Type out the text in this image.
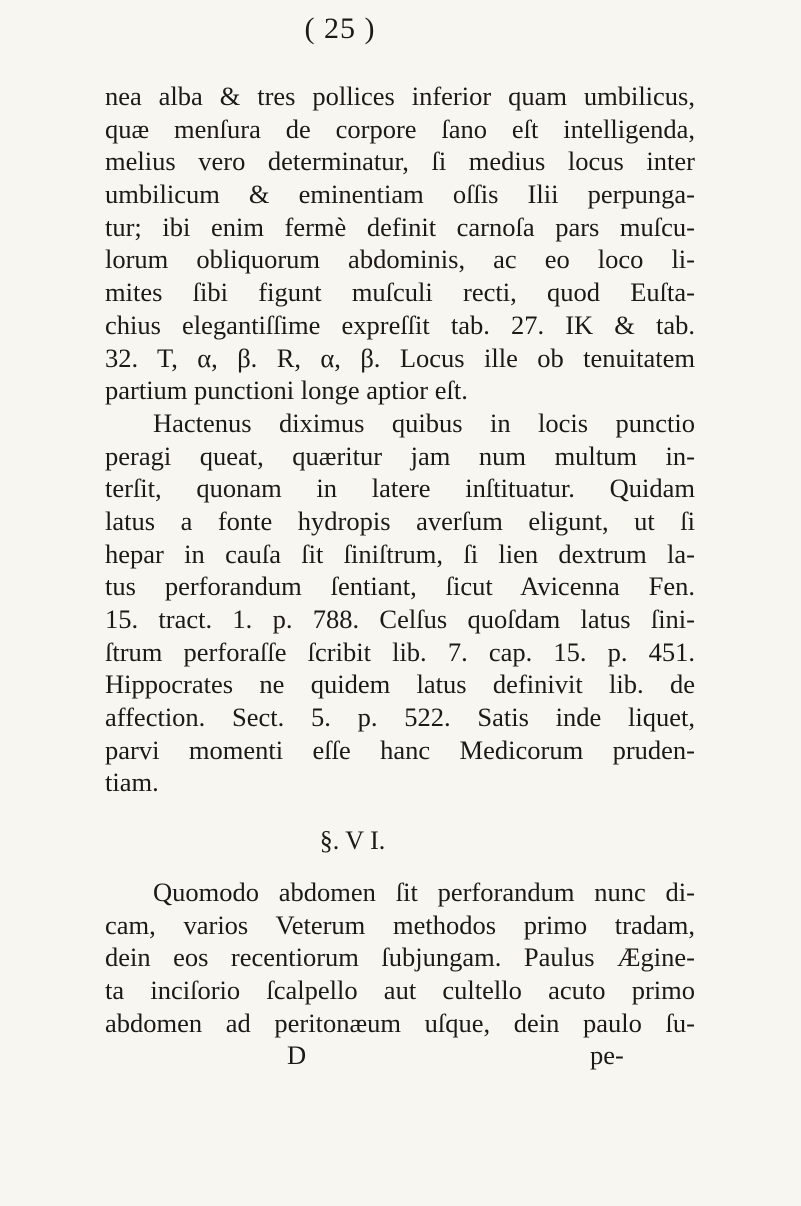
( 25 )
nea alba & tres pollices inferior quam umbilicus,
quæ menſura de corpore ſano eſt intelligenda,
melius vero determinatur, ſi medius locus inter
umbilicum & eminentiam oſſis Ilii perpunga-
tur; ibi enim fermè definit carnoſa pars muſcu-
lorum obliquorum abdominis, ac eo loco li-
mites ſibi figunt muſculi recti, quod Euſta-
chius elegantiſſime expreſſit tab. 27. IK & tab.
32. T, α, β. R, α, β. Locus ille ob tenuitatem
partium punctioni longe aptior eſt.
Hactenus diximus quibus in locis punctio
peragi queat, quæritur jam num multum in-
terſit, quonam in latere inſtituatur. Quidam
latus a fonte hydropis averſum eligunt, ut ſi
hepar in cauſa ſit ſiniſtrum, ſi lien dextrum la-
tus perforandum ſentiant, ſicut Avicenna Fen.
15. tract. 1. p. 788. Celſus quoſdam latus ſini-
ſtrum perforaſſe ſcribit lib. 7. cap. 15. p. 451.
Hippocrates ne quidem latus definivit lib. de
affection. Sect. 5. p. 522. Satis inde liquet,
parvi momenti eſſe hanc Medicorum pruden-
tiam.
§. V I.
Quomodo abdomen ſit perforandum nunc di-
cam, varios Veterum methodos primo tradam,
dein eos recentiorum ſubjungam. Paulus Ægine-
ta inciſorio ſcalpello aut cultello acuto primo
abdomen ad peritonæum uſque, dein paulo ſu-
D	pe-
